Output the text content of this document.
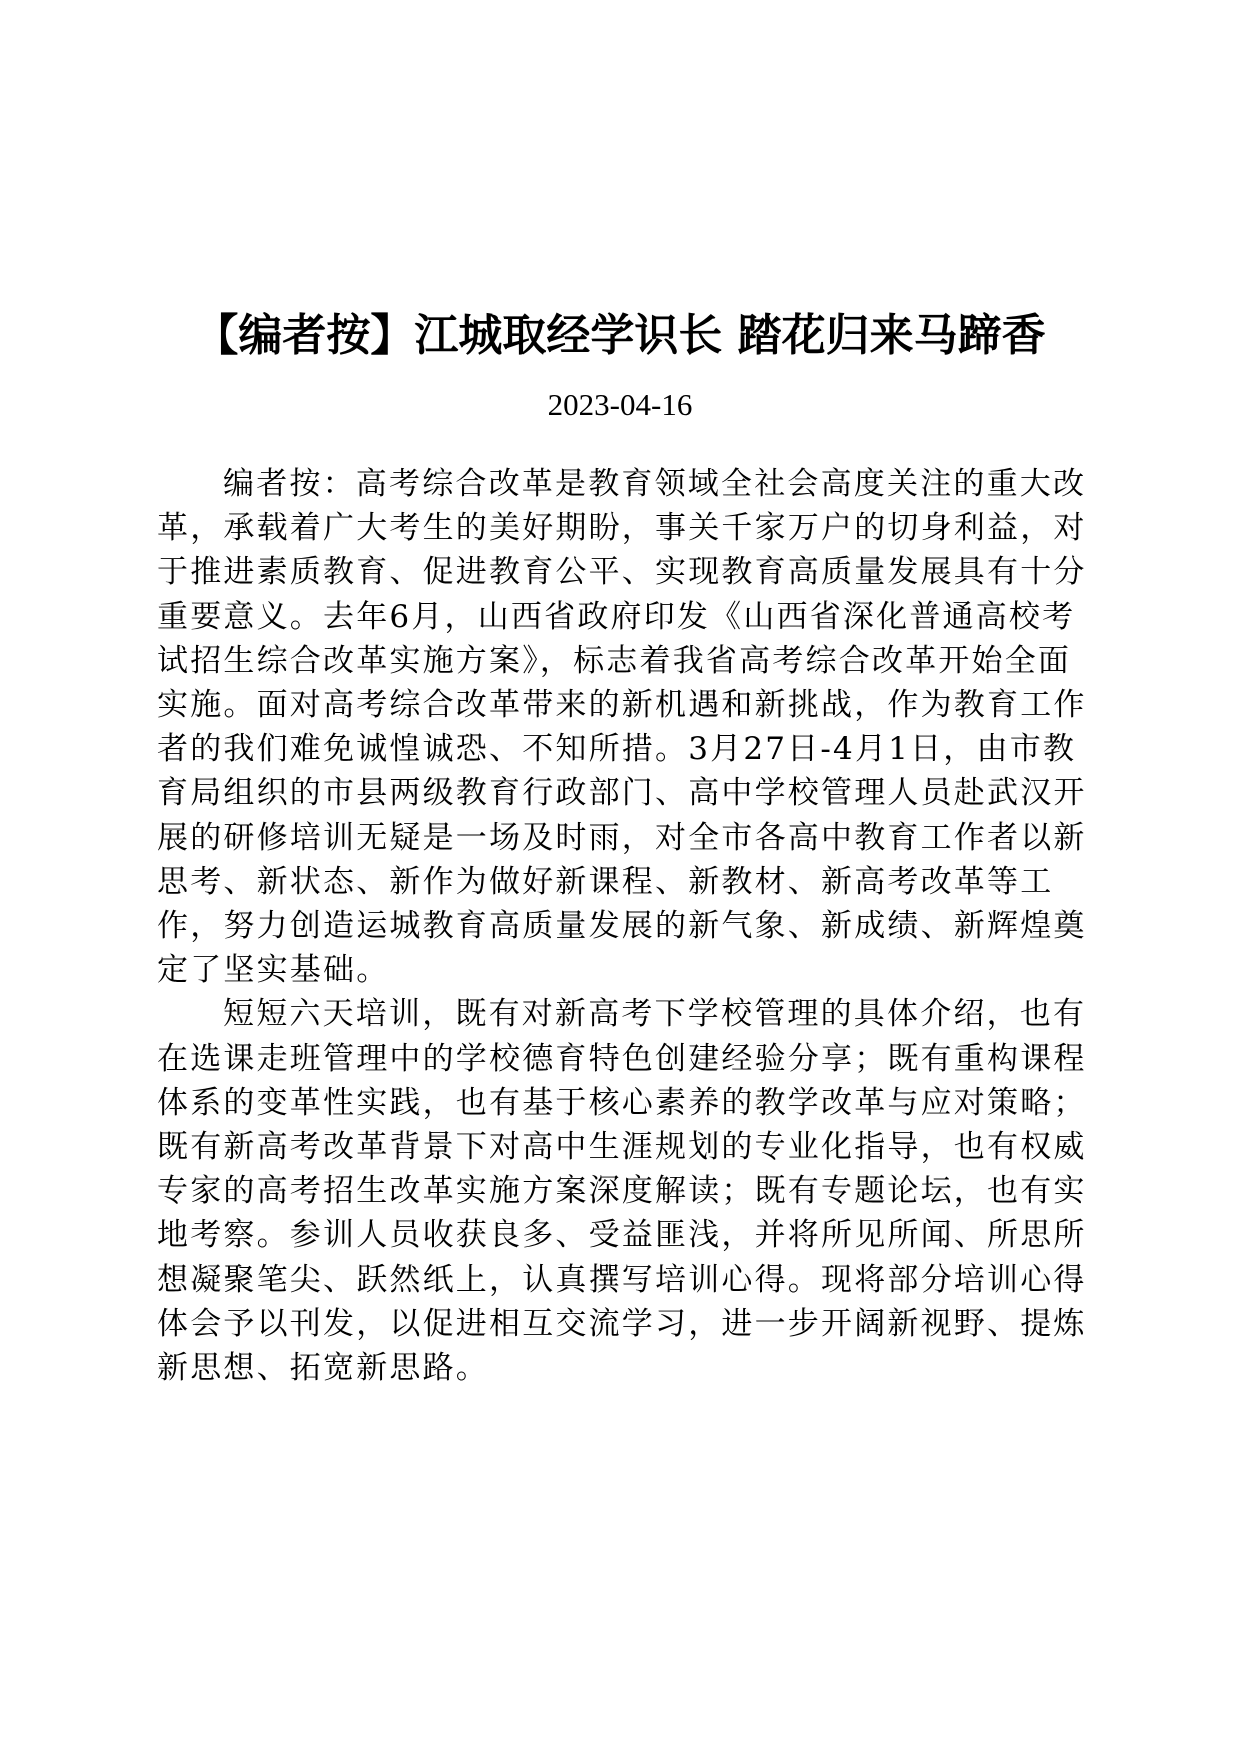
【编者按】江城取经学识长 踏花归来马蹄香
2023-04-16

编者按：高考综合改革是教育领域全社会高度关注的重大改革，承载着广大考生的美好期盼，事关千家万户的切身利益，对于推进素质教育、促进教育公平、实现教育高质量发展具有十分重要意义。去年6月，山西省政府印发《山西省深化普通高校考试招生综合改革实施方案》，标志着我省高考综合改革开始全面实施。面对高考综合改革带来的新机遇和新挑战，作为教育工作者的我们难免诚惶诚恐、不知所措。3月27日-4月1日，由市教育局组织的市县两级教育行政部门、高中学校管理人员赴武汉开展的研修培训无疑是一场及时雨，对全市各高中教育工作者以新思考、新状态、新作为做好新课程、新教材、新高考改革等工作，努力创造运城教育高质量发展的新气象、新成绩、新辉煌奠定了坚实基础。

短短六天培训，既有对新高考下学校管理的具体介绍，也有在选课走班管理中的学校德育特色创建经验分享；既有重构课程体系的变革性实践，也有基于核心素养的教学改革与应对策略；既有新高考改革背景下对高中生涯规划的专业化指导，也有权威专家的高考招生改革实施方案深度解读；既有专题论坛，也有实地考察。参训人员收获良多、受益匪浅，并将所见所闻、所思所想凝聚笔尖、跃然纸上，认真撰写培训心得。现将部分培训心得体会予以刊发，以促进相互交流学习，进一步开阔新视野、提炼新思想、拓宽新思路。
